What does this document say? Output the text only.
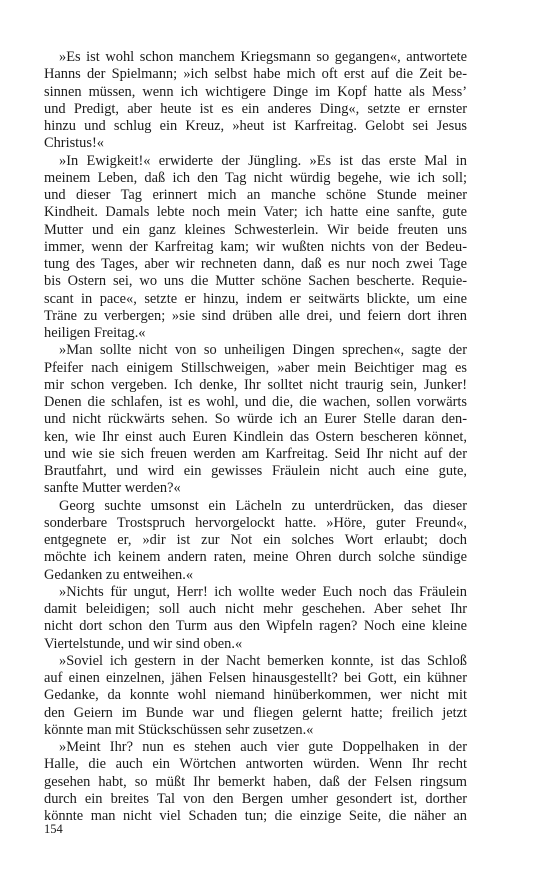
»Es ist wohl schon manchem Kriegsmann so gegangen«, antwortete
Hanns der Spielmann; »ich selbst habe mich oft erst auf die Zeit be-
sinnen müssen, wenn ich wichtigere Dinge im Kopf hatte als Mess’
und Predigt, aber heute ist es ein anderes Ding«, setzte er ernster
hinzu und schlug ein Kreuz, »heut ist Karfreitag. Gelobt sei Jesus
Christus!«
»In Ewigkeit!« erwiderte der Jüngling. »Es ist das erste Mal in
meinem Leben, daß ich den Tag nicht würdig begehe, wie ich soll;
und dieser Tag erinnert mich an manche schöne Stunde meiner
Kindheit. Damals lebte noch mein Vater; ich hatte eine sanfte, gute
Mutter und ein ganz kleines Schwesterlein. Wir beide freuten uns
immer, wenn der Karfreitag kam; wir wußten nichts von der Bedeu-
tung des Tages, aber wir rechneten dann, daß es nur noch zwei Tage
bis Ostern sei, wo uns die Mutter schöne Sachen bescherte. Requie-
scant in pace«, setzte er hinzu, indem er seitwärts blickte, um eine
Träne zu verbergen; »sie sind drüben alle drei, und feiern dort ihren
heiligen Freitag.«
»Man sollte nicht von so unheiligen Dingen sprechen«, sagte der
Pfeifer nach einigem Stillschweigen, »aber mein Beichtiger mag es
mir schon vergeben. Ich denke, Ihr solltet nicht traurig sein, Junker!
Denen die schlafen, ist es wohl, und die, die wachen, sollen vorwärts
und nicht rückwärts sehen. So würde ich an Eurer Stelle daran den-
ken, wie Ihr einst auch Euren Kindlein das Ostern bescheren könnet,
und wie sie sich freuen werden am Karfreitag. Seid Ihr nicht auf der
Brautfahrt, und wird ein gewisses Fräulein nicht auch eine gute,
sanfte Mutter werden?«
Georg suchte umsonst ein Lächeln zu unterdrücken, das dieser
sonderbare Trostspruch hervorgelockt hatte. »Höre, guter Freund«,
entgegnete er, »dir ist zur Not ein solches Wort erlaubt; doch
möchte ich keinem andern raten, meine Ohren durch solche sündige
Gedanken zu entweihen.«
»Nichts für ungut, Herr! ich wollte weder Euch noch das Fräulein
damit beleidigen; soll auch nicht mehr geschehen. Aber sehet Ihr
nicht dort schon den Turm aus den Wipfeln ragen? Noch eine kleine
Viertelstunde, und wir sind oben.«
»Soviel ich gestern in der Nacht bemerken konnte, ist das Schloß
auf einen einzelnen, jähen Felsen hinausgestellt? bei Gott, ein kühner
Gedanke, da konnte wohl niemand hinüberkommen, wer nicht mit
den Geiern im Bunde war und fliegen gelernt hatte; freilich jetzt
könnte man mit Stückschüssen sehr zusetzen.«
»Meint Ihr? nun es stehen auch vier gute Doppelhaken in der
Halle, die auch ein Wörtchen antworten würden. Wenn Ihr recht
gesehen habt, so müßt Ihr bemerkt haben, daß der Felsen ringsum
durch ein breites Tal von den Bergen umher gesondert ist, dorther
könnte man nicht viel Schaden tun; die einzige Seite, die näher an
154
